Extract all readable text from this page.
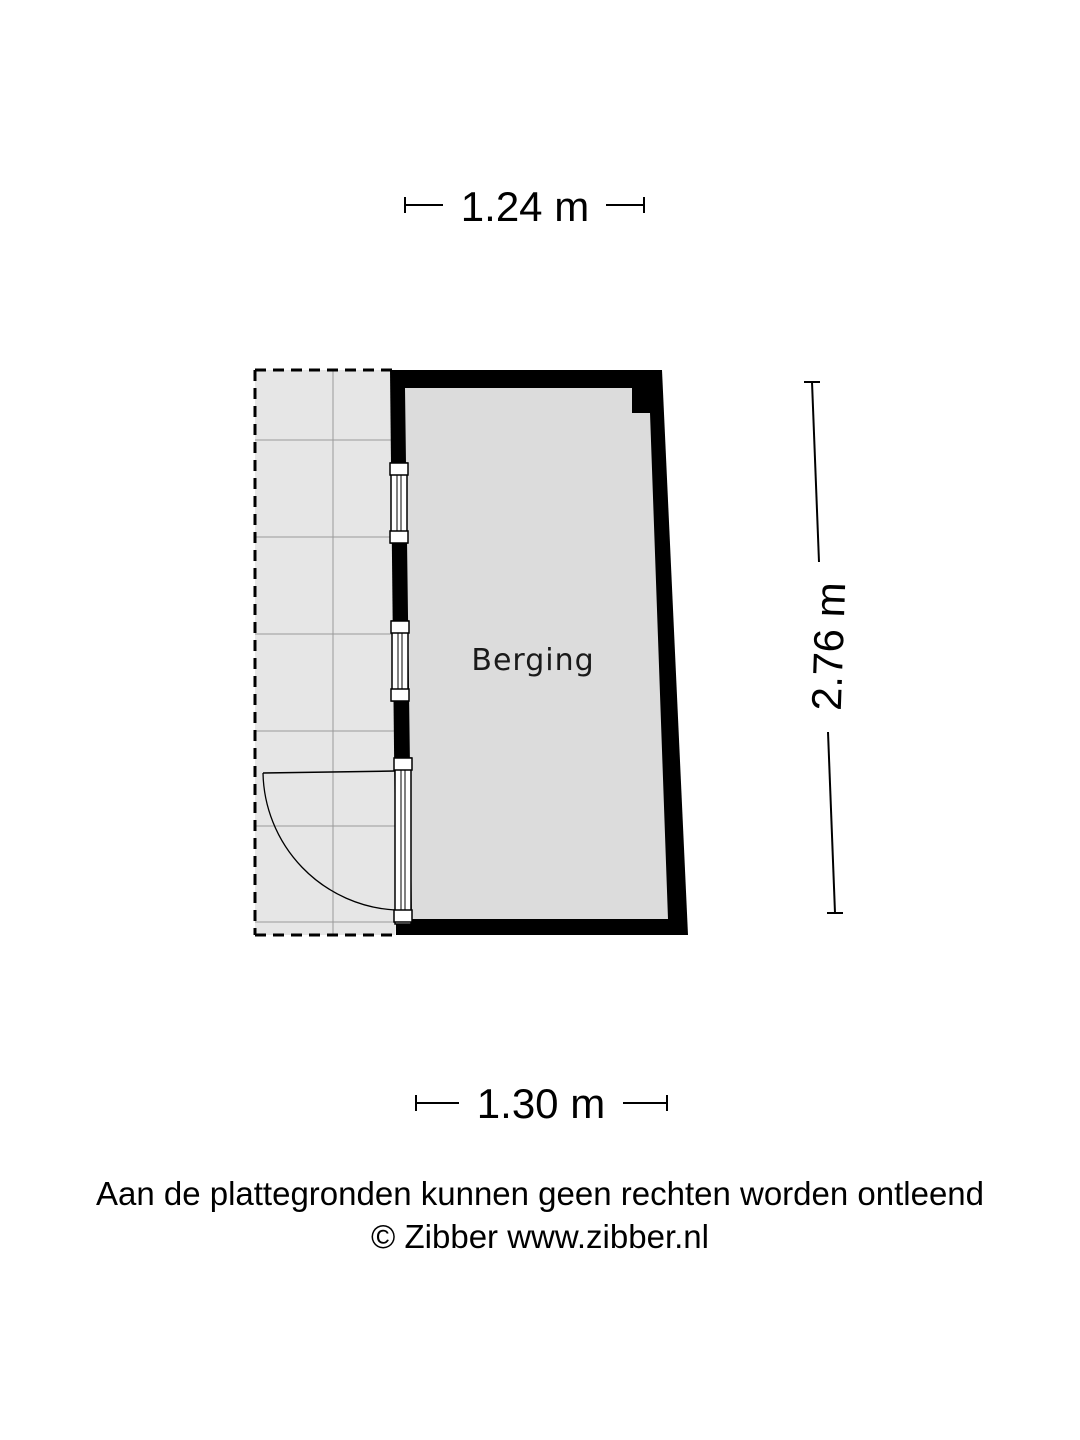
Berging
1.24 m
1.30 m
2.76 m
Aan de plattegronden kunnen geen rechten worden ontleend
© Zibber www.zibber.nl
